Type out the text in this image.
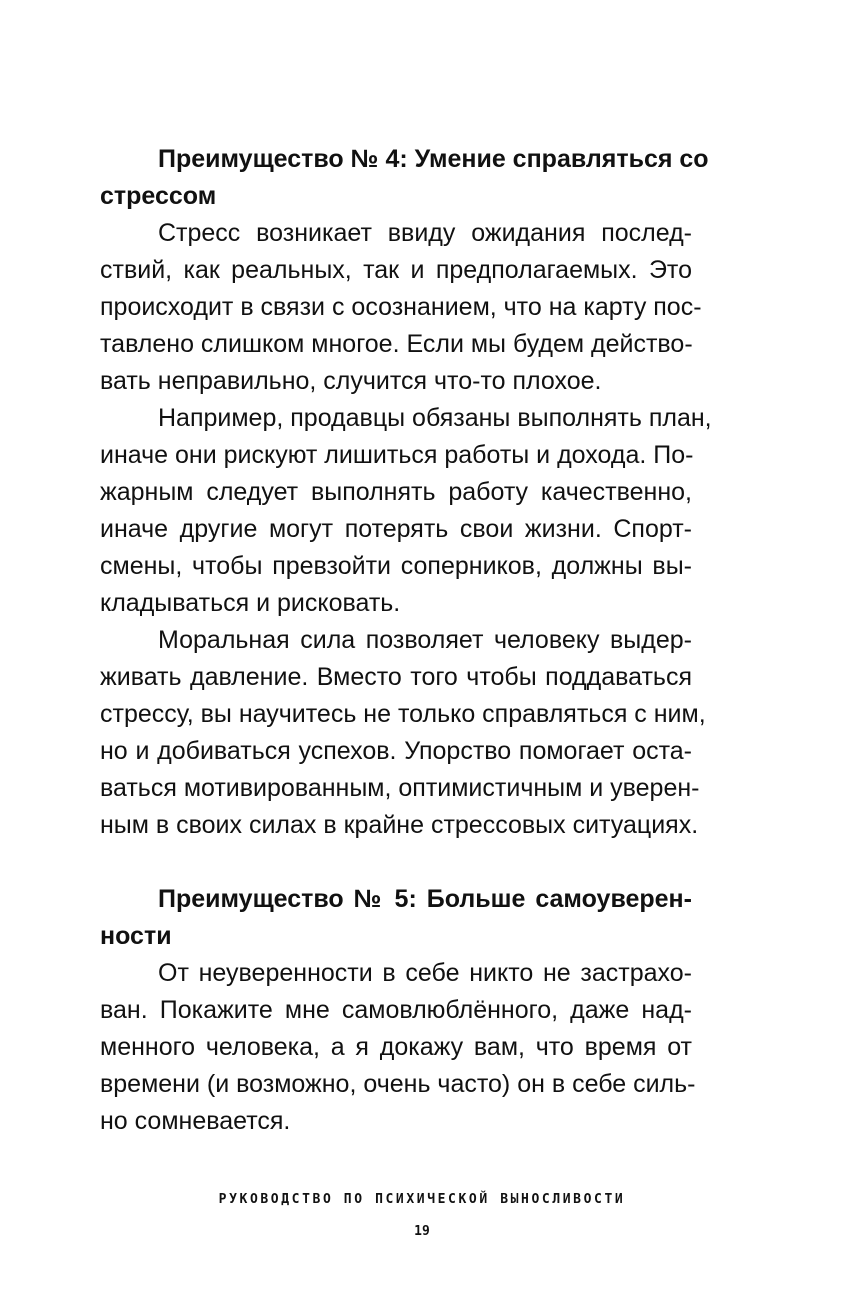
Преимущество № 4: Умение справляться со
стрессом
Стресс возникает ввиду ожидания послед-
ствий, как реальных, так и предполагаемых. Это
происходит в связи с осознанием, что на карту пос-
тавлено слишком многое. Если мы будем действо-
вать неправильно, случится что-то плохое.
Например, продавцы обязаны выполнять план,
иначе они рискуют лишиться работы и дохода. По-
жарным следует выполнять работу качественно,
иначе другие могут потерять свои жизни. Спорт-
смены, чтобы превзойти соперников, должны вы-
кладываться и рисковать.
Моральная сила позволяет человеку выдер-
живать давление. Вместо того чтобы поддаваться
стрессу, вы научитесь не только справляться с ним,
но и добиваться успехов. Упорство помогает оста-
ваться мотивированным, оптимистичным и уверен-
ным в своих силах в крайне стрессовых ситуациях.
Преимущество № 5: Больше самоуверен-
ности
От неуверенности в себе никто не застрахо-
ван. Покажите мне самовлюблённого, даже над-
менного человека, а я докажу вам, что время от
времени (и возможно, очень часто) он в себе силь-
но сомневается.
РУКОВОДСТВО ПО ПСИХИЧЕСКОЙ ВЫНОСЛИВОСТИ
19
